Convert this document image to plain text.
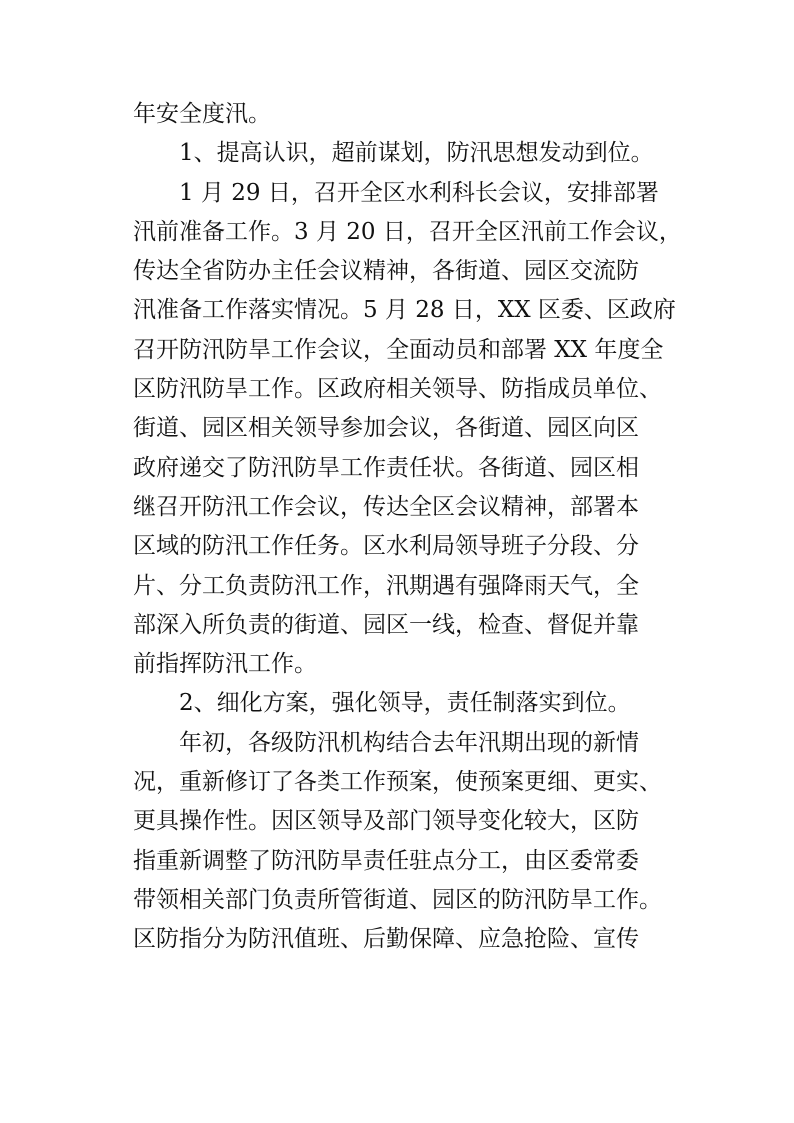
年安全度汛。
1、提高认识，超前谋划，防汛思想发动到位。
1 月 29 日，召开全区水利科长会议，安排部署
汛前准备工作。3 月 20 日，召开全区汛前工作会议，
传达全省防办主任会议精神，各街道、园区交流防
汛准备工作落实情况。5 月 28 日，XX 区委、区政府
召开防汛防旱工作会议，全面动员和部署 XX 年度全
区防汛防旱工作。区政府相关领导、防指成员单位、
街道、园区相关领导参加会议，各街道、园区向区
政府递交了防汛防旱工作责任状。各街道、园区相
继召开防汛工作会议，传达全区会议精神，部署本
区域的防汛工作任务。区水利局领导班子分段、分
片、分工负责防汛工作，汛期遇有强降雨天气，全
部深入所负责的街道、园区一线，检查、督促并靠
前指挥防汛工作。
2、细化方案，强化领导，责任制落实到位。
年初，各级防汛机构结合去年汛期出现的新情
况，重新修订了各类工作预案，使预案更细、更实、
更具操作性。因区领导及部门领导变化较大，区防
指重新调整了防汛防旱责任驻点分工，由区委常委
带领相关部门负责所管街道、园区的防汛防旱工作。
区防指分为防汛值班、后勤保障、应急抢险、宣传
